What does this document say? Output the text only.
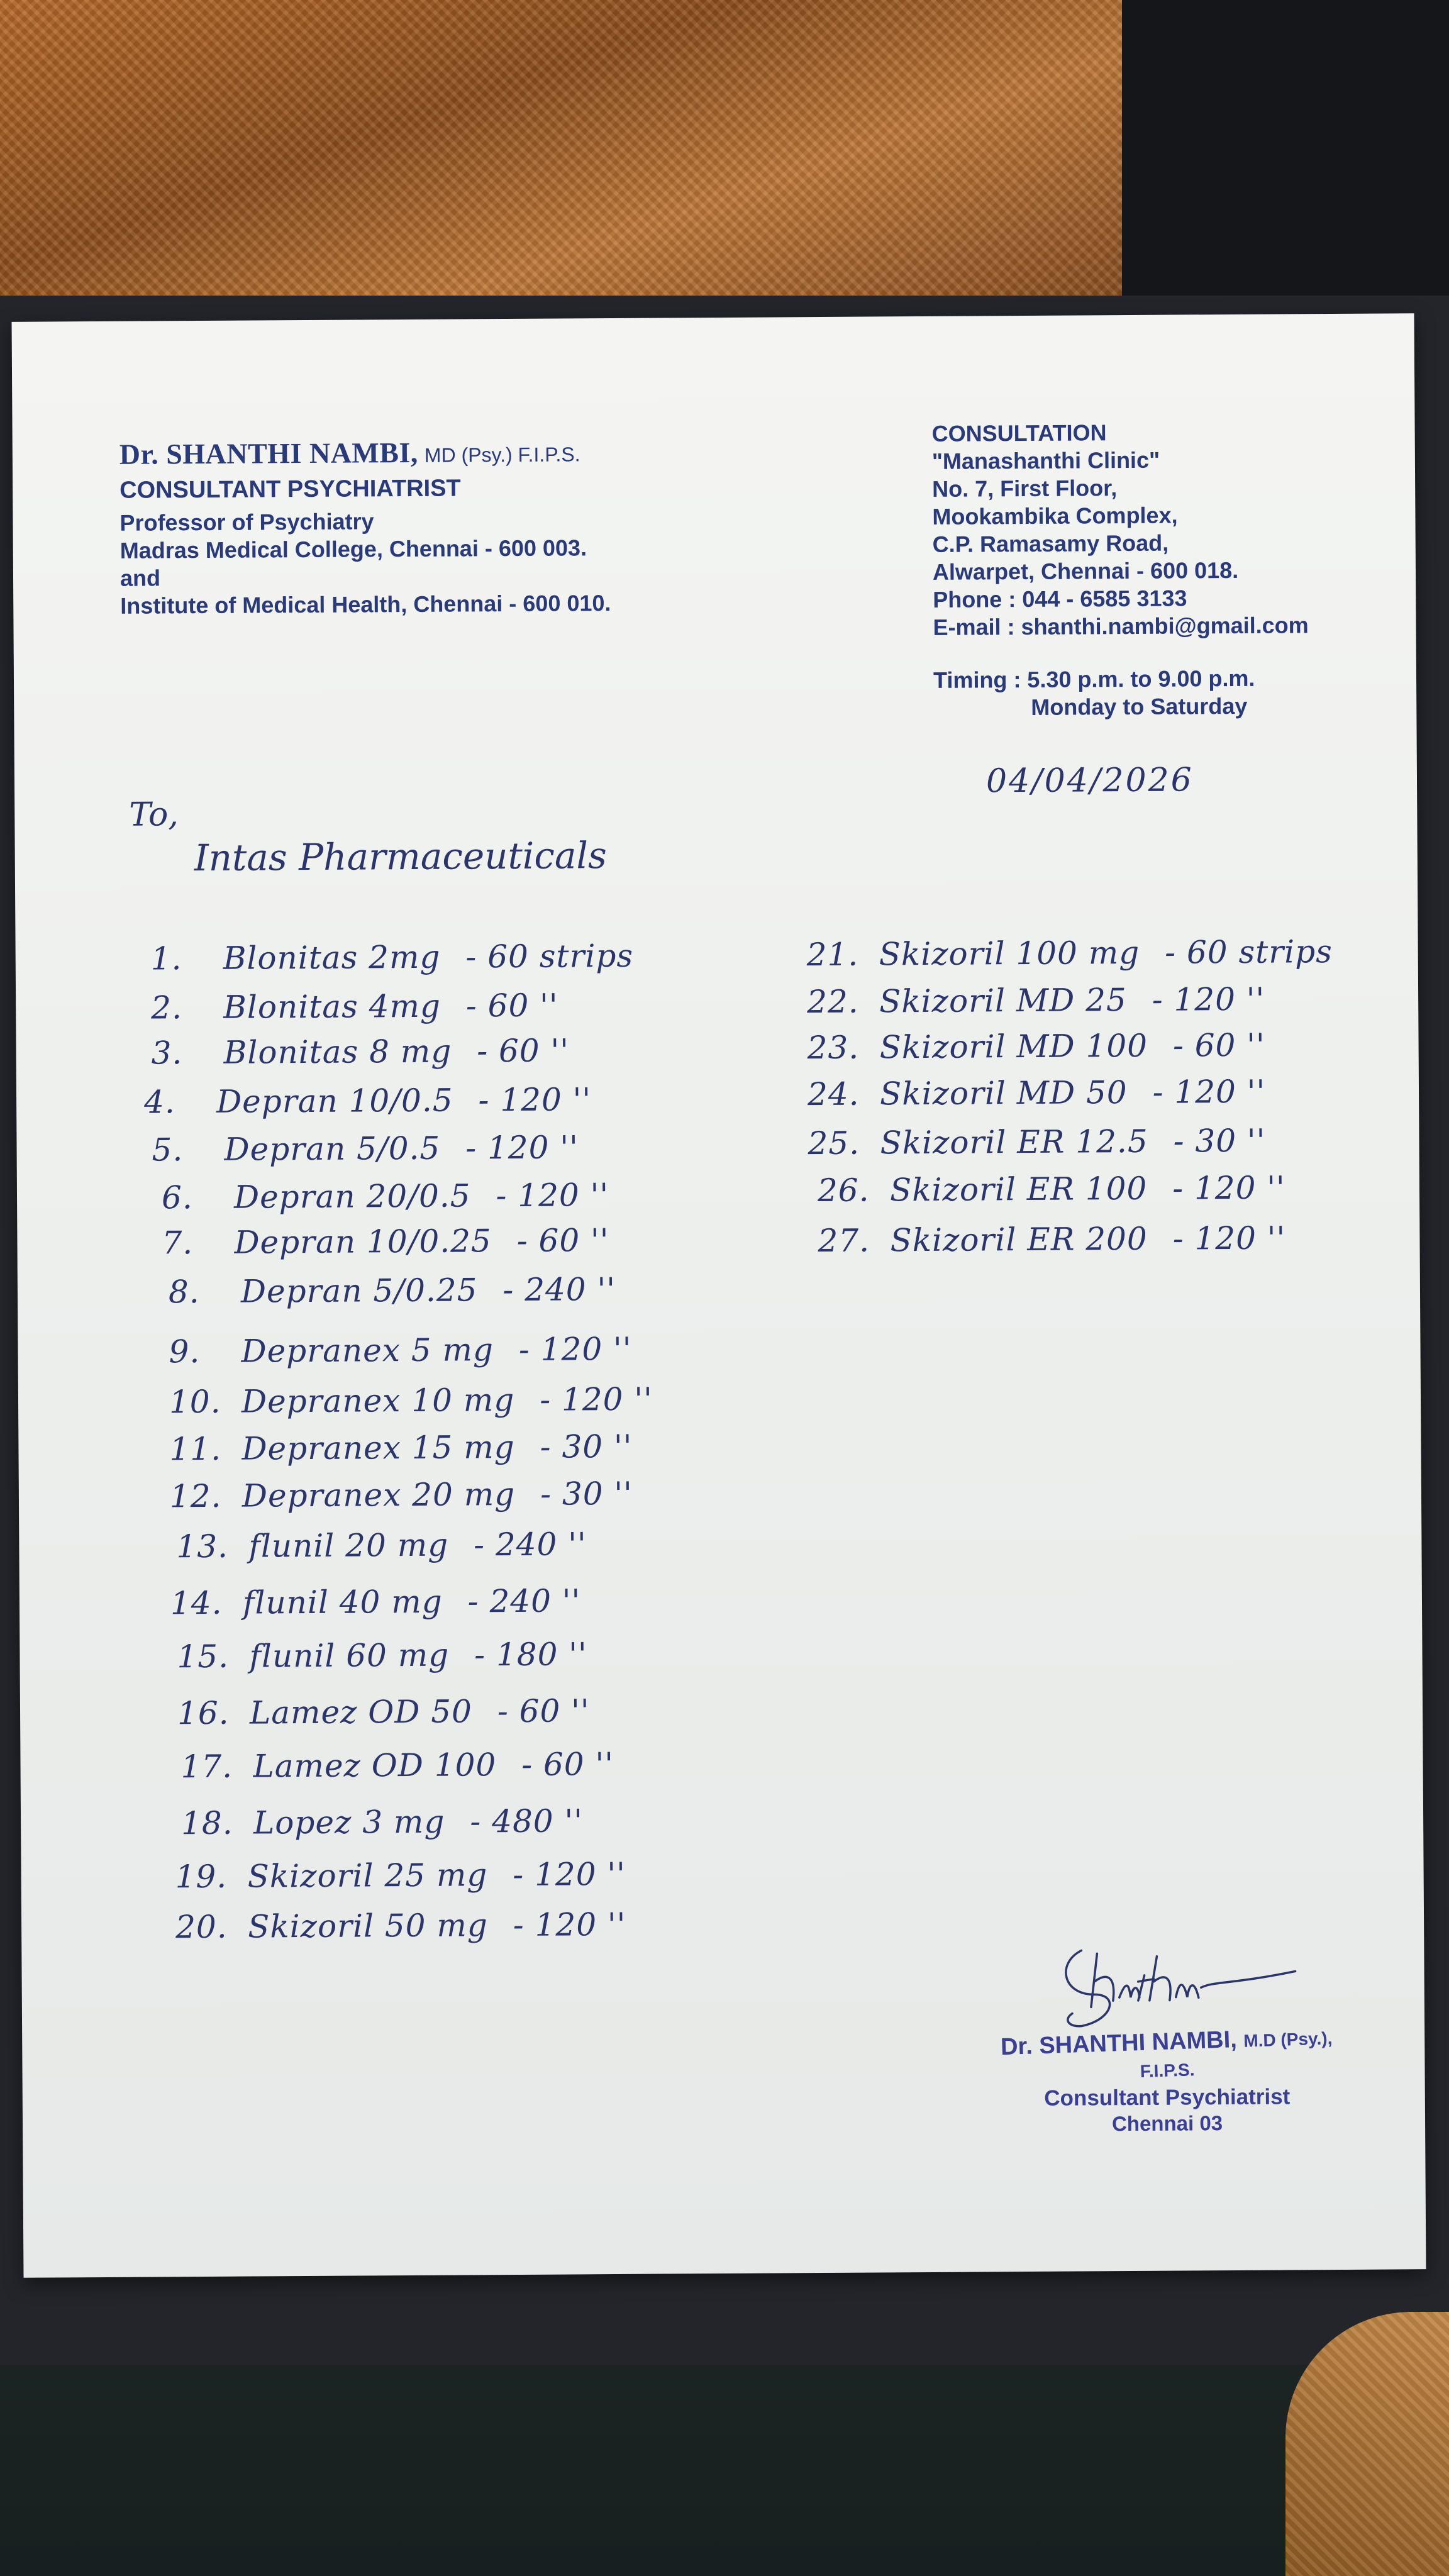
Dr. SHANTHI NAMBI, MD (Psy.) F.I.P.S.
CONSULTANT PSYCHIATRIST
Professor of Psychiatry
Madras Medical College, Chennai - 600 003.
and
Institute of Medical Health, Chennai - 600 010.
CONSULTATION
"Manashanthi Clinic"
No. 7, First Floor,
Mookambika Complex,
C.P. Ramasamy Road,
Alwarpet, Chennai - 600 018.
Phone : 044 - 6585 3133
E-mail : shanthi.nambi@gmail.com
Timing : 5.30 p.m. to 9.00 p.m.
Monday to Saturday
04/04/2026
To,
Intas Pharmaceuticals
1. Blonitas 2mg - 60 strips
2. Blonitas 4mg - 60 ''
3. Blonitas 8 mg - 60 ''
4. Depran 10/0.5 - 120 ''
5. Depran 5/0.5 - 120 ''
6. Depran 20/0.5 - 120 ''
7. Depran 10/0.25 - 60 ''
8. Depran 5/0.25 - 240 ''
9. Depranex 5 mg - 120 ''
10. Depranex 10 mg - 120 ''
11. Depranex 15 mg - 30 ''
12. Depranex 20 mg - 30 ''
13. flunil 20 mg - 240 ''
14. flunil 40 mg - 240 ''
15. flunil 60 mg - 180 ''
16. Lamez OD 50 - 60 ''
17. Lamez OD 100 - 60 ''
18. Lopez 3 mg - 480 ''
19. Skizoril 25 mg - 120 ''
20. Skizoril 50 mg - 120 ''
21. Skizoril 100 mg - 60 strips
22. Skizoril MD 25 - 120 ''
23. Skizoril MD 100 - 60 ''
24. Skizoril MD 50 - 120 ''
25. Skizoril ER 12.5 - 30 ''
26. Skizoril ER 100 - 120 ''
27. Skizoril ER 200 - 120 ''
Dr. SHANTHI NAMBI, M.D (Psy.), F.I.P.S.
Consultant Psychiatrist
Chennai 03
